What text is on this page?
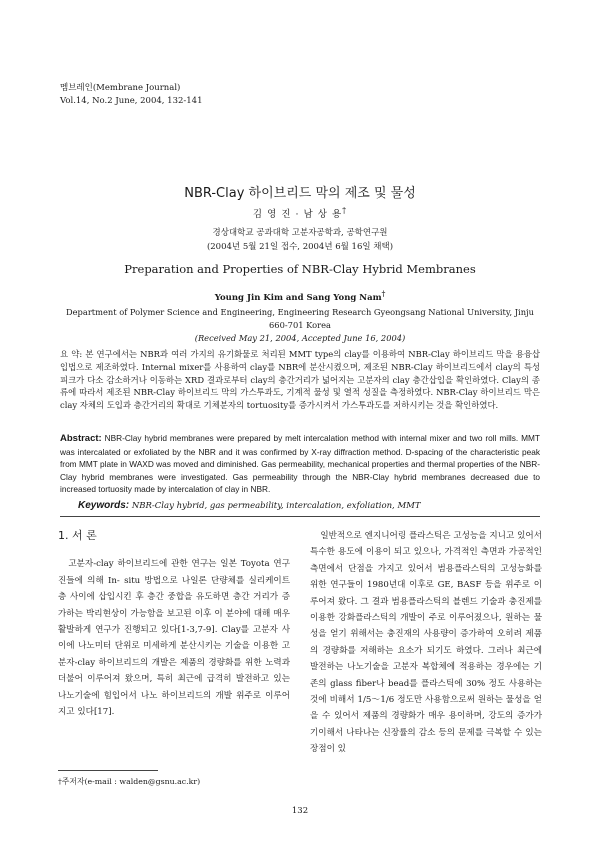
멤브레인(Membrane Journal)
Vol.14, No.2 June, 2004, 132-141
NBR-Clay 하이브리드 막의 제조 및 물성
김 영 진 · 남 상 용†
경상대학교 공과대학 고분자공학과, 공학연구원
(2004년 5월 21일 접수, 2004년 6월 16일 채택)
Preparation and Properties of NBR-Clay Hybrid Membranes
Young Jin Kim and Sang Yong Nam†
Department of Polymer Science and Engineering, Engineering Research Gyeongsang National University, Jinju 660-701 Korea
(Received May 21, 2004, Accepted June 16, 2004)
요 약: 본 연구에서는 NBR과 여러 가지의 유기화물로 처리된 MMT type의 clay를 이용하여 NBR-Clay 하이브리드 막을 용융삽입법으로 제조하였다. Internal mixer를 사용하여 clay를 NBR에 분산시켰으며, 제조된 NBR-Clay 하이브리드에서 clay의 특성피크가 다소 감소하거나 이동하는 XRD 결과로부터 clay의 층간거리가 넓어지는 고분자의 clay 층간삽입을 확인하였다. Clay의 종류에 따라서 제조된 NBR-Clay 하이브리드 막의 가스투과도, 기계적 물성 및 열적 성질을 측정하였다. NBR-Clay 하이브리드 막은 clay 자체의 도입과 층간거리의 확대로 기체분자의 tortuosity를 증가시켜서 가스투과도를 저하시키는 것을 확인하였다.
Abstract: NBR-Clay hybrid membranes were prepared by melt intercalation method with internal mixer and two roll mills. MMT was intercalated or exfoliated by the NBR and it was confirmed by X-ray diffraction method. D-spacing of the characteristic peak from MMT plate in WAXD was moved and diminished. Gas permeability, mechanical properties and thermal properties of the NBR-Clay hybrid membranes were investigated. Gas permeability through the NBR-Clay hybrid membranes decreased due to increased tortuosity made by intercalation of clay in NBR.
Keywords: NBR-Clay hybrid, gas permeability, intercalation, exfoliation, MMT
1. 서 론

고분자-clay 하이브리드에 관한 연구는 일본 Toyota 연구진들에 의해 In- situ 방법으로 나일론 단량체를 실리케이트 층 사이에 삽입시킨 후 층간 중합을 유도하면 층간 거리가 증가하는 박리현상이 가능함을 보고된 이후 이 분야에 대해 매우 활발하게 연구가 진행되고 있다[1-3,7-9]. Clay를 고분자 사이에 나노미터 단위로 미세하게 분산시키는 기술을 이용한 고분자-clay 하이브리드의 개발은 제품의 경량화를 위한 노력과 더불어 이루어져 왔으며, 특히 최근에 급격히 발전하고 있는 나노기술에 힘입어서 나노 하이브리드의 개발 위주로 이루어지고 있다[17].

일반적으로 엔지니어링 플라스틱은 고성능을 지니고 있어서 특수한 용도에 이용이 되고 있으나, 가격적인 측면과 가공적인 측면에서 단점을 가지고 있어서 범용플라스틱의 고성능화를 위한 연구들이 1980년대 이후로 GE, BASF 등을 위주로 이루어져 왔다. 그 결과 범용플라스틱의 블렌드 기술과 충진제를 이용한 강화플라스틱의 개발이 주로 이루어졌으나, 원하는 물성을 얻기 위해서는 충진재의 사용량이 증가하여 오히려 제품의 경량화를 저해하는 요소가 되기도 하였다. 그러나 최근에 발전하는 나노기술을 고분자 복합체에 적용하는 경우에는 기존의 glass fiber나 bead를 플라스틱에 30% 정도 사용하는 것에 비해서 1/5～1/6 정도만 사용함으로써 원하는 물성을 얻을 수 있어서 제품의 경량화가 매우 용이하며, 강도의 증가가 기이해서 나타나는 신장률의 감소 등의 문제를 극복할 수 있는 장점이 있

†주저자(e-mail : walden@gsnu.ac.kr)
132
